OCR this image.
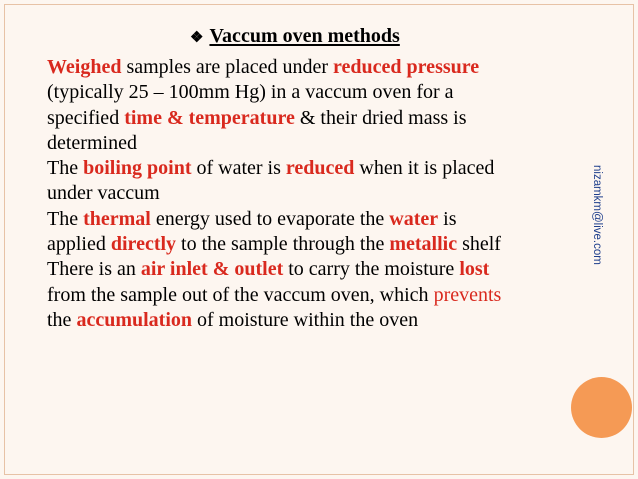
❖ Vaccum oven methods
Weighed samples are placed under reduced pressure
(typically 25 – 100mm Hg) in a vaccum oven for a
specified time & temperature & their dried mass is
determined
The boiling point of water is reduced when it is placed
under vaccum
The thermal energy used to evaporate the water is
applied directly to the sample through the metallic shelf
There is an air inlet & outlet to carry the moisture lost
from the sample out of the vaccum oven, which prevents
the accumulation of moisture within the oven
nizamkm@live.com
